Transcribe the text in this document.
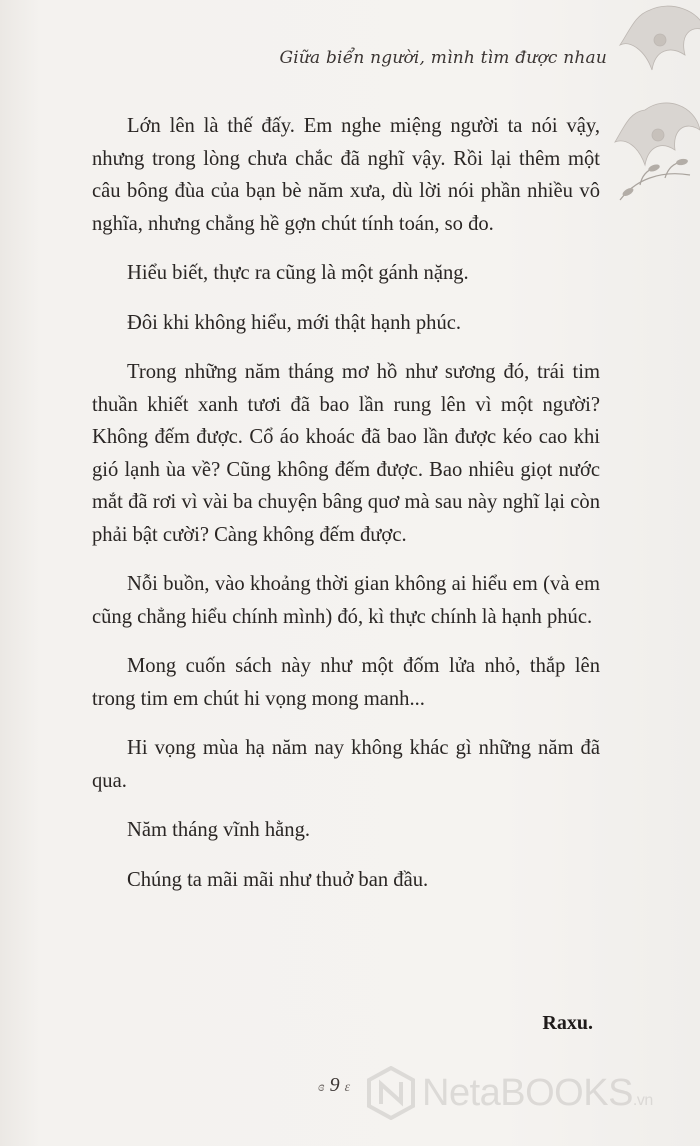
Giữa biển người, mình tìm được nhau

Lớn lên là thế đấy. Em nghe miệng người ta nói vậy, nhưng trong lòng chưa chắc đã nghĩ vậy. Rồi lại thêm một câu bông đùa của bạn bè năm xưa, dù lời nói phần nhiều vô nghĩa, nhưng chẳng hề gợn chút tính toán, so đo.

Hiểu biết, thực ra cũng là một gánh nặng.

Đôi khi không hiểu, mới thật hạnh phúc.

Trong những năm tháng mơ hồ như sương đó, trái tim thuần khiết xanh tươi đã bao lần rung lên vì một người? Không đếm được. Cổ áo khoác đã bao lần được kéo cao khi gió lạnh ùa về? Cũng không đếm được. Bao nhiêu giọt nước mắt đã rơi vì vài ba chuyện bâng quơ mà sau này nghĩ lại còn phải bật cười? Càng không đếm được.

Nỗi buồn, vào khoảng thời gian không ai hiểu em (và em cũng chẳng hiểu chính mình) đó, kì thực chính là hạnh phúc.

Mong cuốn sách này như một đốm lửa nhỏ, thắp lên trong tim em chút hi vọng mong manh...

Hi vọng mùa hạ năm nay không khác gì những năm đã qua.

Năm tháng vĩnh hằng.

Chúng ta mãi mãi như thuở ban đầu.

Raxu.
ɞ 9 ɛ NetaBOOKS.vn
